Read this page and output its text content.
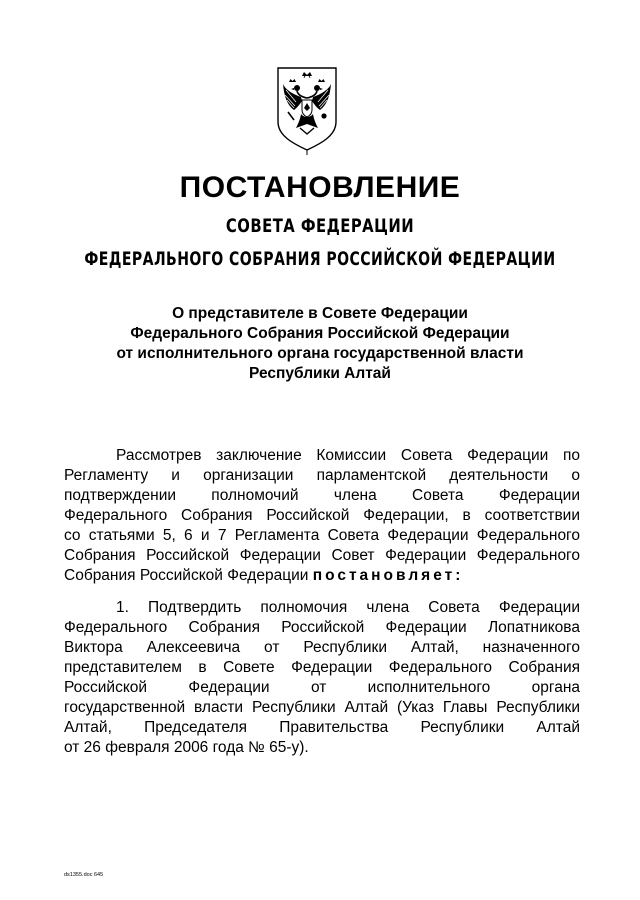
ПОСТАНОВЛЕНИЕ
СОВЕТА ФЕДЕРАЦИИ
ФЕДЕРАЛЬНОГО СОБРАНИЯ РОССИЙСКОЙ ФЕДЕРАЦИИ
О представителе в Совете Федерации
Федерального Собрания Российской Федерации
от исполнительного органа государственной власти
Республики Алтай
Рассмотрев заключение Комиссии Совета Федерации по
Регламенту и организации парламентской деятельности о
подтверждении полномочий члена Совета Федерации
Федерального Собрания Российской Федерации, в соответствии
со статьями 5, 6 и 7 Регламента Совета Федерации Федерального
Собрания Российской Федерации Совет Федерации Федерального
Собрания Российской Федерации постановляет:
1. Подтвердить полномочия члена Совета Федерации
Федерального Собрания Российской Федерации Лопатникова
Виктора Алексеевича от Республики Алтай, назначенного
представителем в Совете Федерации Федерального Собрания
Российской Федерации от исполнительного органа
государственной власти Республики Алтай (Указ Главы Республики
Алтай, Председателя Правительства Республики Алтай
от 26 февраля 2006 года № 65-у).
ds1355.doc 645
